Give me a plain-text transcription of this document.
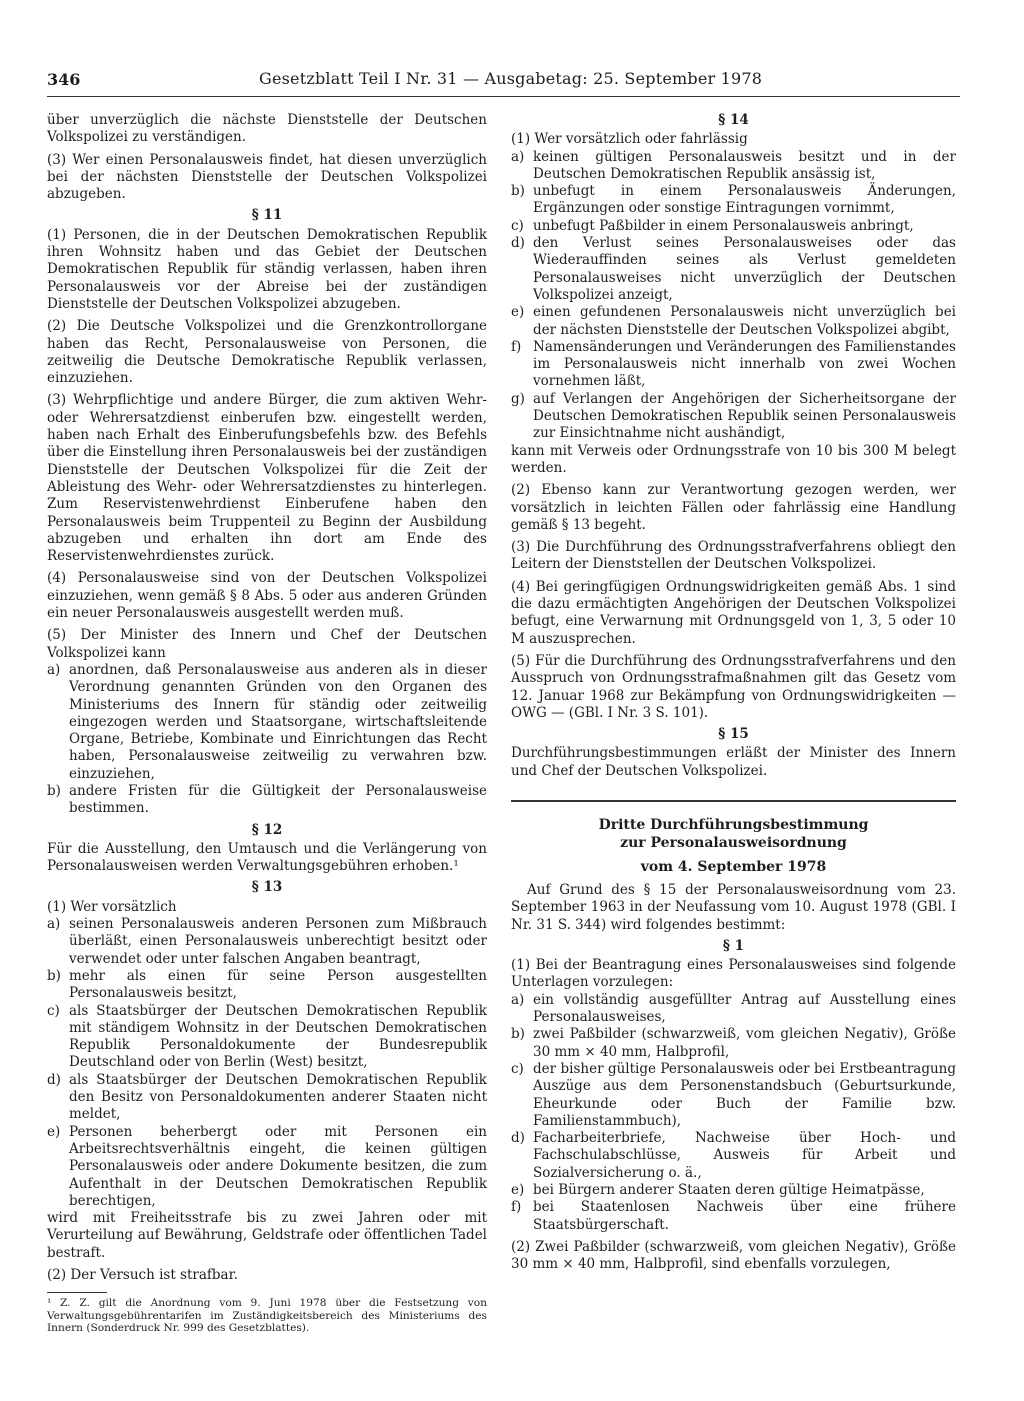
346	Gesetzblatt Teil I Nr. 31 — Ausgabetag: 25. September 1978

über unverzüglich die nächste Dienststelle der Deutschen Volkspolizei zu verständigen.

(3) Wer einen Personalausweis findet, hat diesen unverzüglich bei der nächsten Dienststelle der Deutschen Volkspolizei abzugeben.

§ 11

(1) Personen, die in der Deutschen Demokratischen Republik ihren Wohnsitz haben und das Gebiet der Deutschen Demokratischen Republik für ständig verlassen, haben ihren Personalausweis vor der Abreise bei der zuständigen Dienststelle der Deutschen Volkspolizei abzugeben.

(2) Die Deutsche Volkspolizei und die Grenzkontrollorgane haben das Recht, Personalausweise von Personen, die zeitweilig die Deutsche Demokratische Republik verlassen, einzuziehen.

(3) Wehrpflichtige und andere Bürger, die zum aktiven Wehr- oder Wehrersatzdienst einberufen bzw. eingestellt werden, haben nach Erhalt des Einberufungsbefehls bzw. des Befehls über die Einstellung ihren Personalausweis bei der zuständigen Dienststelle der Deutschen Volkspolizei für die Zeit der Ableistung des Wehr- oder Wehrersatzdienstes zu hinterlegen. Zum Reservistenwehrdienst Einberufene haben den Personalausweis beim Truppenteil zu Beginn der Ausbildung abzugeben und erhalten ihn dort am Ende des Reservistenwehrdienstes zurück.

(4) Personalausweise sind von der Deutschen Volkspolizei einzuziehen, wenn gemäß § 8 Abs. 5 oder aus anderen Gründen ein neuer Personalausweis ausgestellt werden muß.

(5) Der Minister des Innern und Chef der Deutschen Volkspolizei kann

a) anordnen, daß Personalausweise aus anderen als in dieser Verordnung genannten Gründen von den Organen des Ministeriums des Innern für ständig oder zeitweilig eingezogen werden und Staatsorgane, wirtschaftsleitende Organe, Betriebe, Kombinate und Einrichtungen das Recht haben, Personalausweise zeitweilig zu verwahren bzw. einzuziehen,
b) andere Fristen für die Gültigkeit der Personalausweise bestimmen.

§ 12

Für die Ausstellung, den Umtausch und die Verlängerung von Personalausweisen werden Verwaltungsgebühren erhoben.¹

§ 13

(1) Wer vorsätzlich

a) seinen Personalausweis anderen Personen zum Mißbrauch überläßt, einen Personalausweis unberechtigt besitzt oder verwendet oder unter falschen Angaben beantragt,
b) mehr als einen für seine Person ausgestellten Personalausweis besitzt,
c) als Staatsbürger der Deutschen Demokratischen Republik mit ständigem Wohnsitz in der Deutschen Demokratischen Republik Personaldokumente der Bundesrepublik Deutschland oder von Berlin (West) besitzt,
d) als Staatsbürger der Deutschen Demokratischen Republik den Besitz von Personaldokumenten anderer Staaten nicht meldet,
e) Personen beherbergt oder mit Personen ein Arbeitsrechtsverhältnis eingeht, die keinen gültigen Personalausweis oder andere Dokumente besitzen, die zum Aufenthalt in der Deutschen Demokratischen Republik berechtigen,

wird mit Freiheitsstrafe bis zu zwei Jahren oder mit Verurteilung auf Bewährung, Geldstrafe oder öffentlichen Tadel bestraft.

(2) Der Versuch ist strafbar.

¹ Z. Z. gilt die Anordnung vom 9. Juni 1978 über die Festsetzung von Verwaltungsgebührentarifen im Zuständigkeitsbereich des Ministeriums des Innern (Sonderdruck Nr. 999 des Gesetzblattes).

§ 14

(1) Wer vorsätzlich oder fahrlässig

a) keinen gültigen Personalausweis besitzt und in der Deutschen Demokratischen Republik ansässig ist,
b) unbefugt in einem Personalausweis Änderungen, Ergänzungen oder sonstige Eintragungen vornimmt,
c) unbefugt Paßbilder in einem Personalausweis anbringt,
d) den Verlust seines Personalausweises oder das Wiederauffinden seines als Verlust gemeldeten Personalausweises nicht unverzüglich der Deutschen Volkspolizei anzeigt,
e) einen gefundenen Personalausweis nicht unverzüglich bei der nächsten Dienststelle der Deutschen Volkspolizei abgibt,
f) Namensänderungen und Veränderungen des Familienstandes im Personalausweis nicht innerhalb von zwei Wochen vornehmen läßt,
g) auf Verlangen der Angehörigen der Sicherheitsorgane der Deutschen Demokratischen Republik seinen Personalausweis zur Einsichtnahme nicht aushändigt,

kann mit Verweis oder Ordnungsstrafe von 10 bis 300 M belegt werden.

(2) Ebenso kann zur Verantwortung gezogen werden, wer vorsätzlich in leichten Fällen oder fahrlässig eine Handlung gemäß § 13 begeht.

(3) Die Durchführung des Ordnungsstrafverfahrens obliegt den Leitern der Dienststellen der Deutschen Volkspolizei.

(4) Bei geringfügigen Ordnungswidrigkeiten gemäß Abs. 1 sind die dazu ermächtigten Angehörigen der Deutschen Volkspolizei befugt, eine Verwarnung mit Ordnungsgeld von 1, 3, 5 oder 10 M auszusprechen.

(5) Für die Durchführung des Ordnungsstrafverfahrens und den Ausspruch von Ordnungsstrafmaßnahmen gilt das Gesetz vom 12. Januar 1968 zur Bekämpfung von Ordnungswidrigkeiten — OWG — (GBl. I Nr. 3 S. 101).

§ 15

Durchführungsbestimmungen erläßt der Minister des Innern und Chef der Deutschen Volkspolizei.

Dritte Durchführungsbestimmung

zur Personalausweisordnung

vom 4. September 1978

Auf Grund des § 15 der Personalausweisordnung vom 23. September 1963 in der Neufassung vom 10. August 1978 (GBl. I Nr. 31 S. 344) wird folgendes bestimmt:

§ 1

(1) Bei der Beantragung eines Personalausweises sind folgende Unterlagen vorzulegen:

a) ein vollständig ausgefüllter Antrag auf Ausstellung eines Personalausweises,
b) zwei Paßbilder (schwarzweiß, vom gleichen Negativ), Größe 30 mm × 40 mm, Halbprofil,
c) der bisher gültige Personalausweis oder bei Erstbeantragung Auszüge aus dem Personenstandsbuch (Geburtsurkunde, Eheurkunde oder Buch der Familie bzw. Familienstammbuch),
d) Facharbeiterbriefe, Nachweise über Hoch- und Fachschulabschlüsse, Ausweis für Arbeit und Sozialversicherung o. ä.,
e) bei Bürgern anderer Staaten deren gültige Heimatpässe,
f) bei Staatenlosen Nachweis über eine frühere Staatsbürgerschaft.

(2) Zwei Paßbilder (schwarzweiß, vom gleichen Negativ), Größe 30 mm × 40 mm, Halbprofil, sind ebenfalls vorzulegen,
